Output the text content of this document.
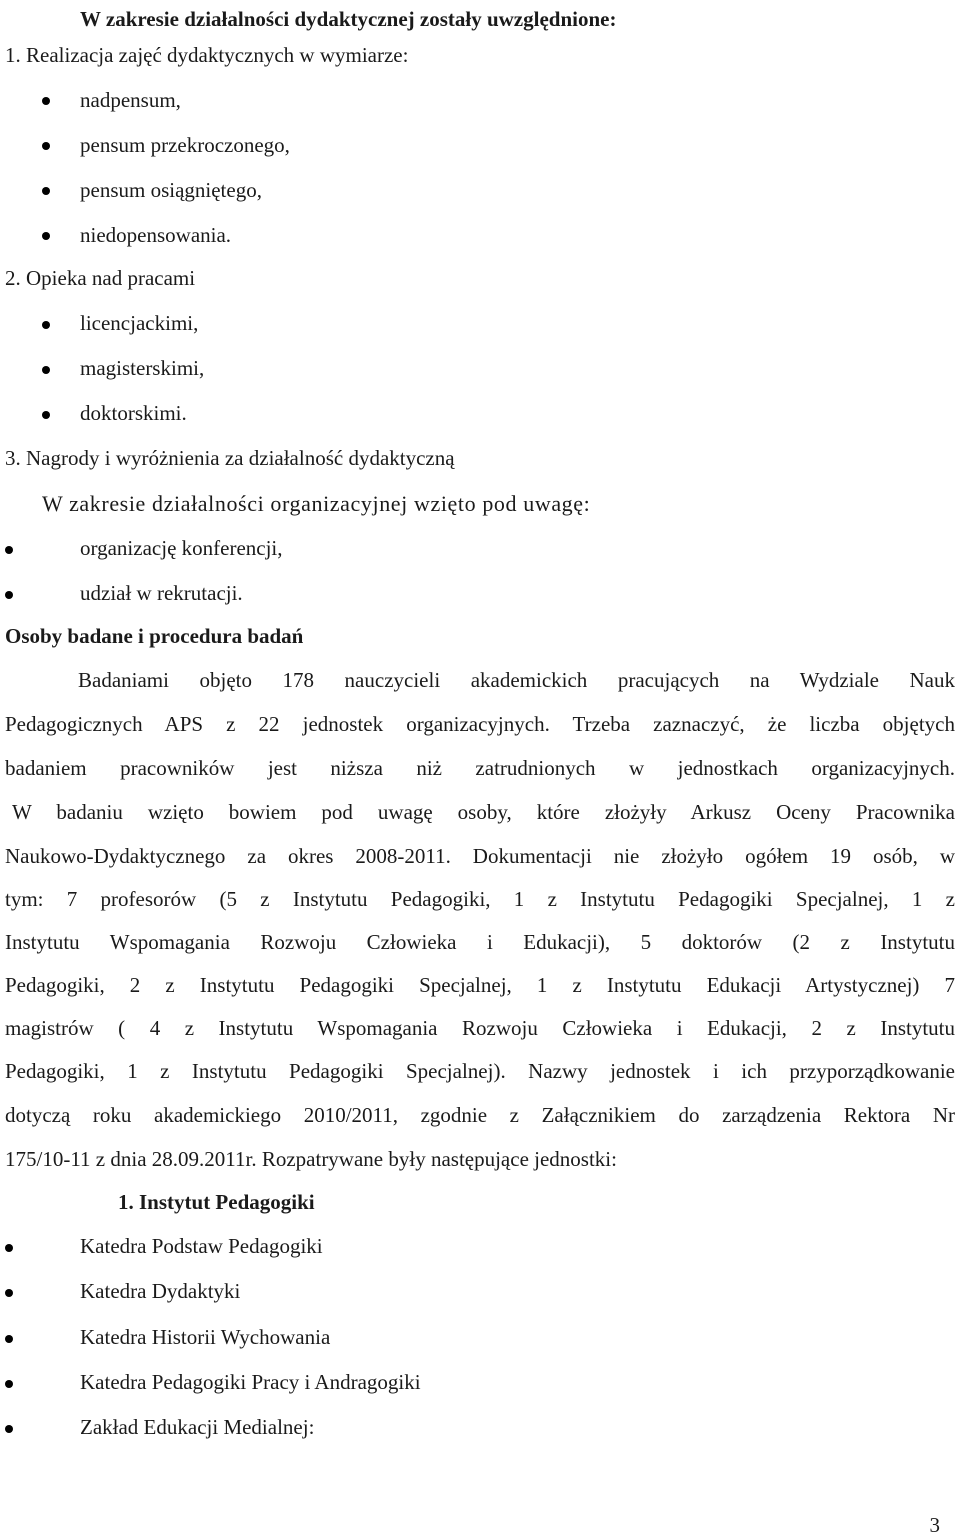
W zakresie działalności dydaktycznej zostały uwzględnione:
1. Realizacja zajęć dydaktycznych w wymiarze:
nadpensum,
pensum przekroczonego,
pensum osiągniętego,
niedopensowania.
2. Opieka nad pracami
licencjackimi,
magisterskimi,
doktorskimi.
3. Nagrody i wyróżnienia za działalność dydaktyczną
W zakresie działalności organizacyjnej wzięto pod uwagę:
organizację konferencji,
udział w rekrutacji.
Osoby badane i procedura badań
Badaniami objęto 178 nauczycieli akademickich pracujących na Wydziale Nauk
Pedagogicznych APS z 22 jednostek organizacyjnych. Trzeba zaznaczyć, że liczba objętych
badaniem pracowników jest niższa niż zatrudnionych w jednostkach organizacyjnych.
W badaniu wzięto bowiem pod uwagę osoby, które złożyły Arkusz Oceny Pracownika
Naukowo-Dydaktycznego za okres 2008-2011. Dokumentacji nie złożyło ogółem 19 osób, w
tym: 7 profesorów (5 z Instytutu Pedagogiki, 1 z Instytutu Pedagogiki Specjalnej, 1 z
Instytutu Wspomagania Rozwoju Człowieka i Edukacji), 5 doktorów (2 z Instytutu
Pedagogiki, 2 z Instytutu Pedagogiki Specjalnej, 1 z Instytutu Edukacji Artystycznej) 7
magistrów ( 4 z Instytutu Wspomagania Rozwoju Człowieka i Edukacji, 2 z Instytutu
Pedagogiki, 1 z Instytutu Pedagogiki Specjalnej). Nazwy jednostek i ich przyporządkowanie
dotyczą roku akademickiego 2010/2011, zgodnie z Załącznikiem do zarządzenia Rektora Nr
175/10-11 z dnia 28.09.2011r. Rozpatrywane były następujące jednostki:
1. Instytut Pedagogiki
Katedra Podstaw Pedagogiki
Katedra Dydaktyki
Katedra Historii Wychowania
Katedra Pedagogiki Pracy i Andragogiki
Zakład Edukacji Medialnej:
3
